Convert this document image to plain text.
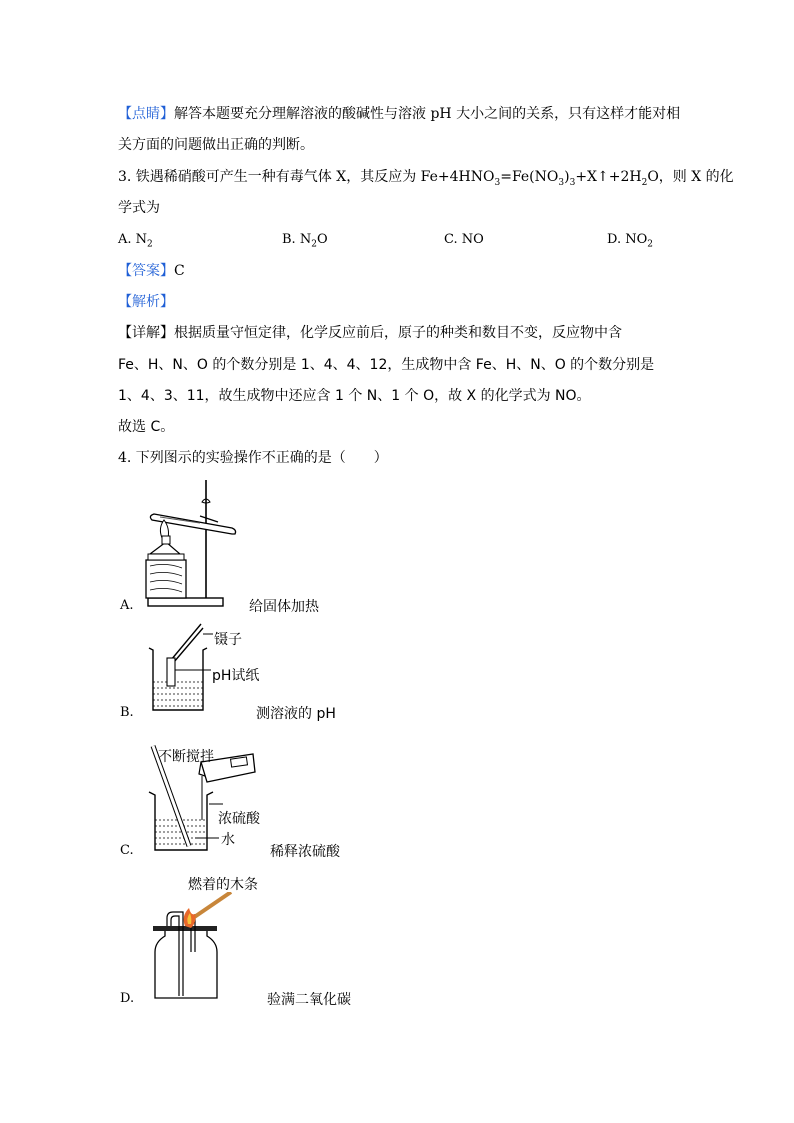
【点睛】解答本题要充分理解溶液的酸碱性与溶液 pH 大小之间的关系，只有这样才能对相
关方面的问题做出正确的判断。
3. 铁遇稀硝酸可产生一种有毒气体 X，其反应为 $Fe+4HNO_3=Fe(NO_3)_3+X↑+2H_2O$，则 X 的化
学式为
A. $N_2$	B. $N_2O$	C. NO	D. $NO_2$
【答案】C
【解析】
【详解】根据质量守恒定律，化学反应前后，原子的种类和数目不变，反应物中含
Fe、H、N、O 的个数分别是 1、4、4、12，生成物中含 Fe、H、N、O 的个数分别是
1、4、3、11，故生成物中还应含 1 个 N、1 个 O，故 X 的化学式为 NO。
故选 C。
4. 下列图示的实验操作不正确的是（　　）
A.	给固体加热
镊子
pH试纸
B.	测溶液的 pH
不断搅拌
浓硫酸
水
C.	稀释浓硫酸
燃着的木条
D.	验满二氧化碳
